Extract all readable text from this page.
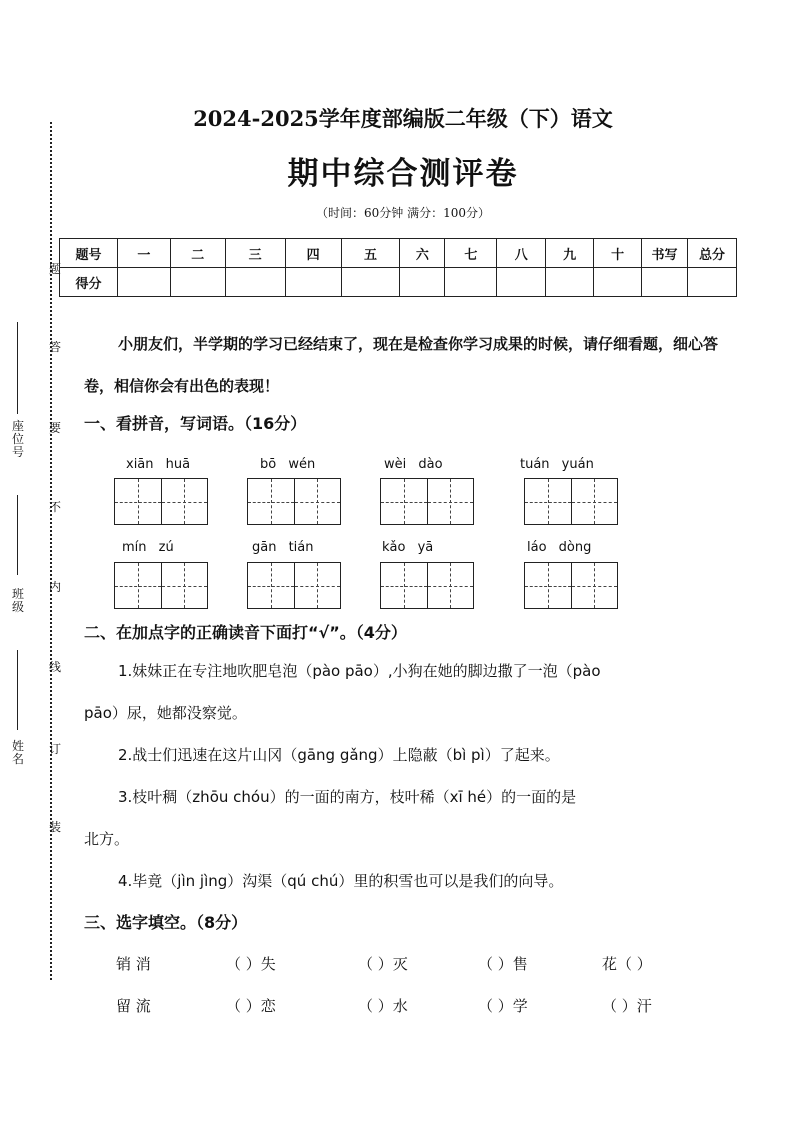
题
答
要
不
内
线
订
装
座位号
班级
姓名
2024-2025学年度部编版二年级（下）语文
期中综合测评卷
（时间：60分钟 满分：100分）
题号	一	二	三	四	五	六	七	八	九	十	书写	总分
得分												
小朋友们，半学期的学习已经结束了，现在是检查你学习成果的时候，请仔细看题，细心答卷，相信你会有出色的表现！
一、看拼音，写词语。（16分）
xiān huā	bō wén	wèi dào	tuán yuán
mín zú	gān tián	kǎo yā	láo dòng
二、在加点字的正确读音下面打“√”。（4分）
1.妹妹正在专注地吹肥皂泡（pào pāo）,小狗在她的脚边撒了一泡（pào
pāo）尿，她都没察觉。
2.战士们迅速在这片山冈（gāng gǎng）上隐蔽（bì pì）了起来。
3.枝叶稠（zhōu chóu）的一面的南方，枝叶稀（xī hé）的一面的是
北方。
4.毕竟（jìn jìng）沟渠（qú chú）里的积雪也可以是我们的向导。
三、选字填空。（8分）
销 消	（ ）失	（ ）灭	（ ）售	花（ ）
留 流	（ ）恋	（ ）水	（ ）学	（ ）汗
